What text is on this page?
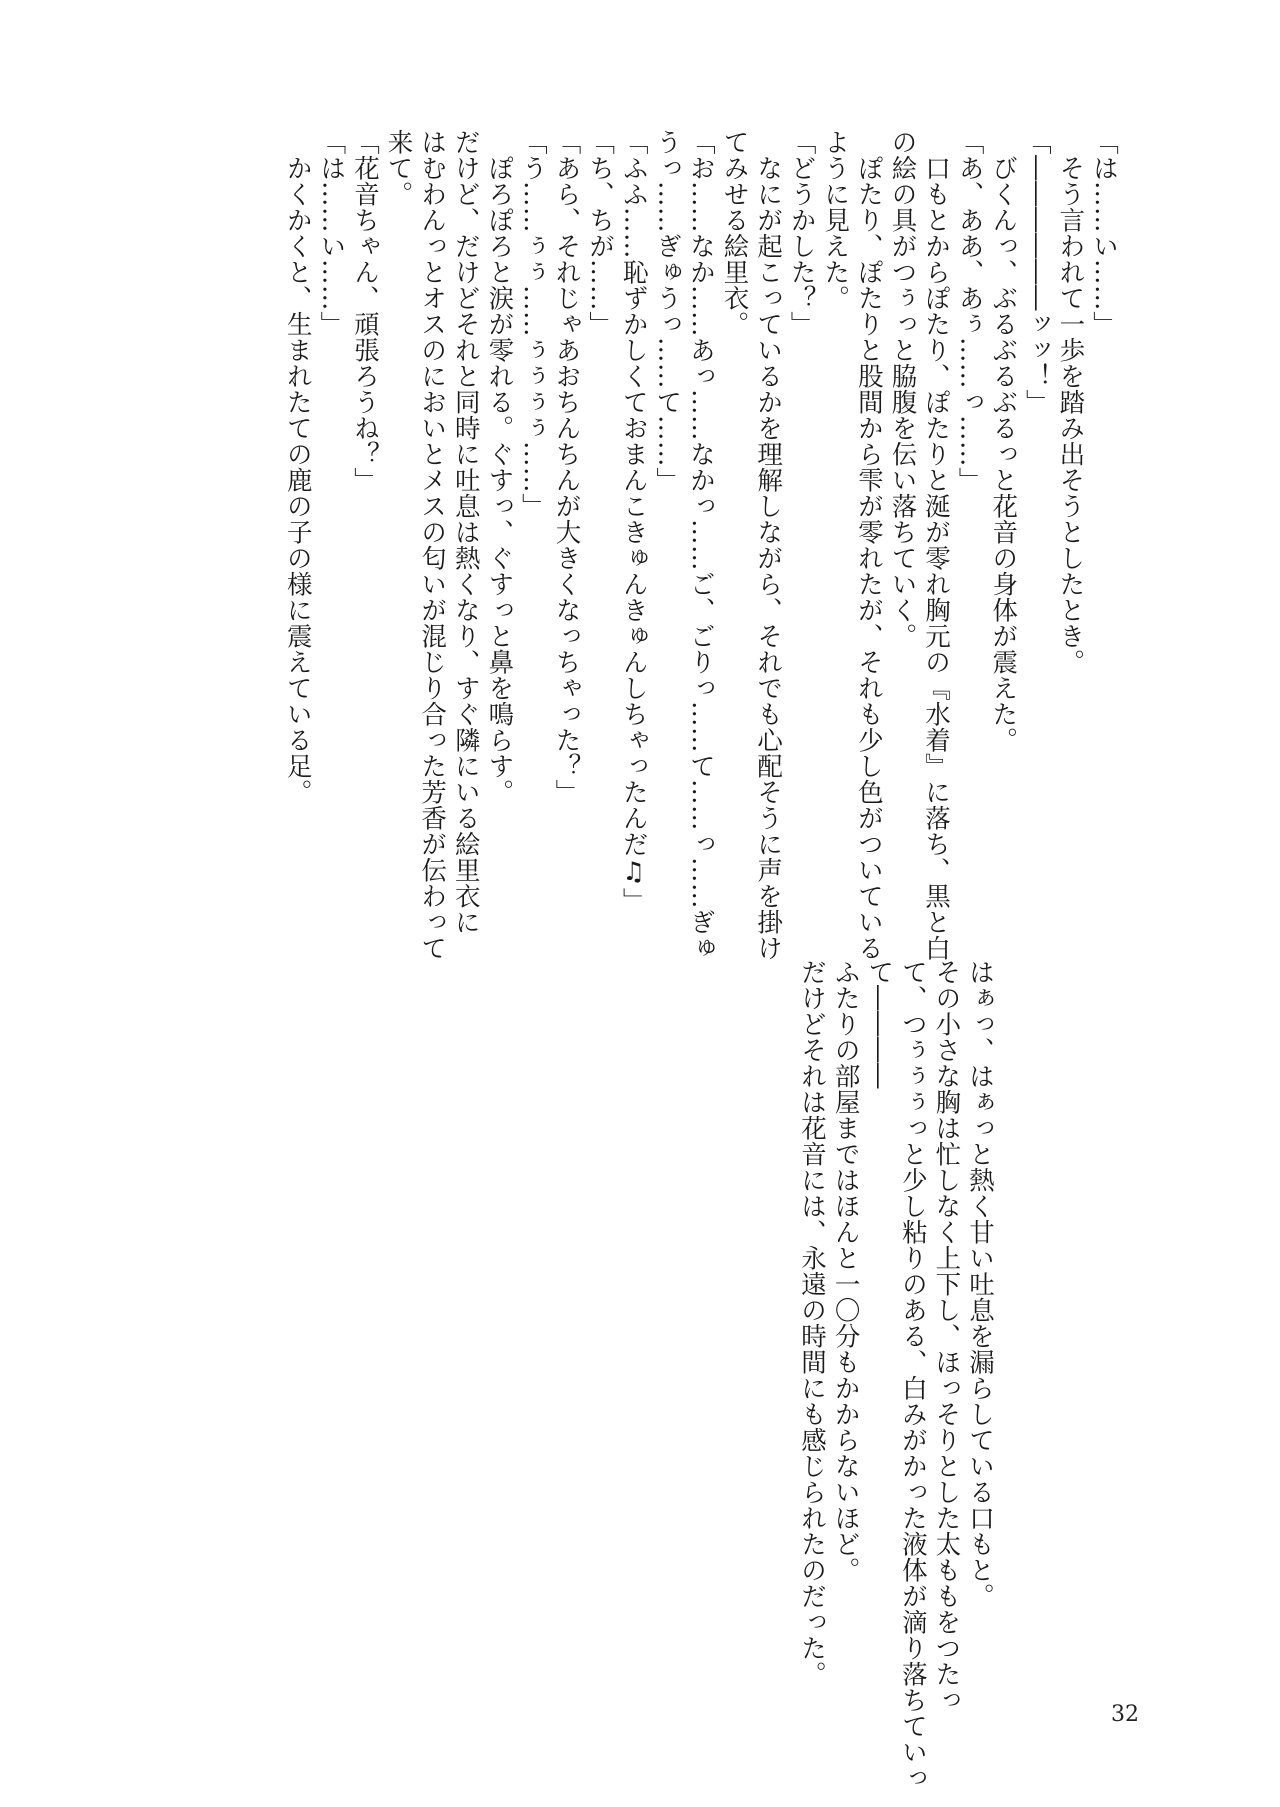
「は……い……」
　そう言われて一歩を踏み出そうとしたとき。
「――――――ッッ！」
　びくんっ、ぶるぶるぶるっと花音の身体が震えた。
「あ、ああ、あぅ……っ……」
　口もとからぽたり、ぽたりと涎が零れ胸元の『水着』に落ち、黒と白
の絵の具がつぅっと脇腹を伝い落ちていく。
　ぽたり、ぽたりと股間から雫が零れたが、それも少し色がついている
ように見えた。
「どうかした？」
　なにが起こっているかを理解しながら、それでも心配そうに声を掛け
てみせる絵里衣。
「お……なか……あっ……なかっ……ご、ごりっ……て……っ……ぎゅ
うっ……ぎゅうっ……て……」
「ふふ……恥ずかしくておまんこきゅんきゅんしちゃったんだ♫」
「ち、ちが……」
「あら、それじゃあおちんちんが大きくなっちゃった？」
「う……ぅぅ……ぅぅぅぅ……」
　ぽろぽろと涙が零れる。ぐすっ、ぐすっと鼻を鳴らす。
だけど、だけどそれと同時に吐息は熱くなり、すぐ隣にいる絵里衣に
はむわんっとオスのにおいとメスの匂いが混じり合った芳香が伝わって
来て。
「花音ちゃん、頑張ろうね？」
「は……い……」
　かくかくと、生まれたての鹿の子の様に震えている足。
はぁっ、はぁっと熱く甘い吐息を漏らしている口もと。
その小さな胸は忙しなく上下し、ほっそりとした太ももをつたっ
て、つぅぅぅっと少し粘りのある、白みがかった液体が滴り落ちていっ
て――――
ふたりの部屋まではほんと一〇分もかからないほど。
だけどそれは花音には、永遠の時間にも感じられたのだった。
32
